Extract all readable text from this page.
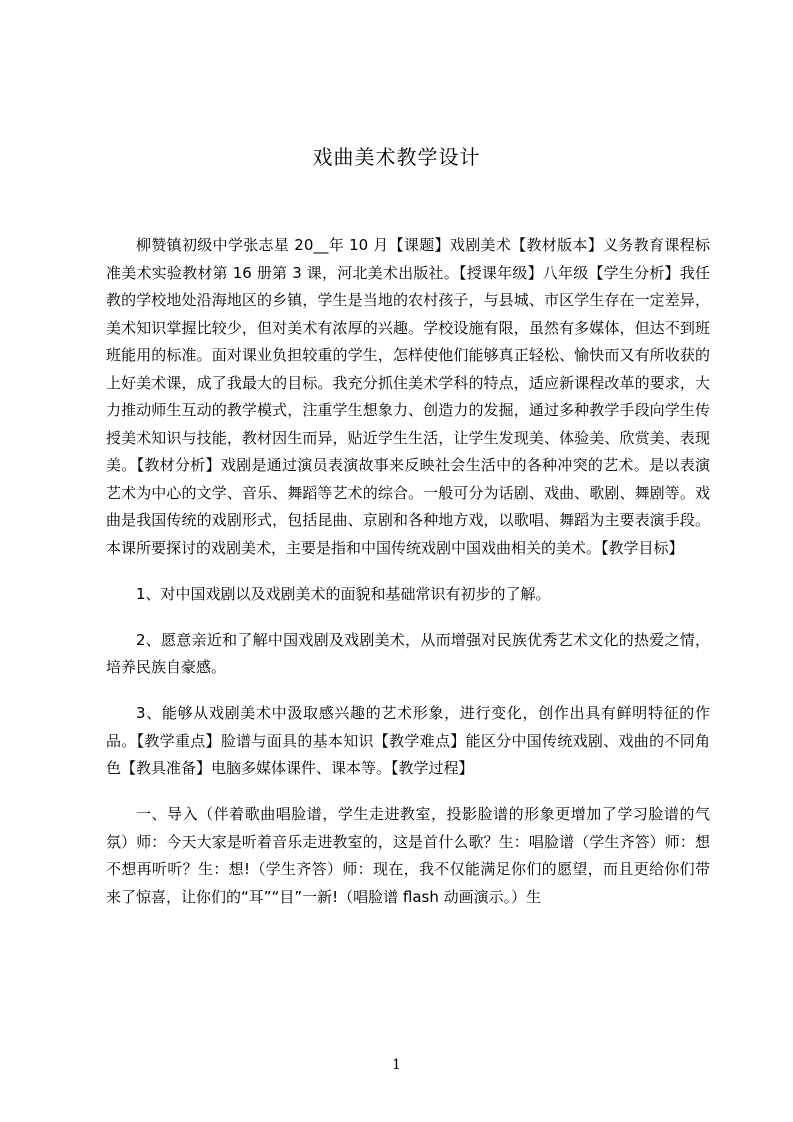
戏曲美术教学设计

柳赞镇初级中学张志星 20__年 10 月【课题】戏剧美术【教材版本】义务教育课程标准美术实验教材第 16 册第 3 课，河北美术出版社。【授课年级】八年级【学生分析】我任教的学校地处沿海地区的乡镇，学生是当地的农村孩子，与县城、市区学生存在一定差异，美术知识掌握比较少，但对美术有浓厚的兴趣。学校设施有限，虽然有多媒体，但达不到班班能用的标准。面对课业负担较重的学生，怎样使他们能够真正轻松、愉快而又有所收获的上好美术课，成了我最大的目标。我充分抓住美术学科的特点，适应新课程改革的要求，大力推动师生互动的教学模式，注重学生想象力、创造力的发掘，通过多种教学手段向学生传授美术知识与技能，教材因生而异，贴近学生生活，让学生发现美、体验美、欣赏美、表现美。【教材分析】戏剧是通过演员表演故事来反映社会生活中的各种冲突的艺术。是以表演艺术为中心的文学、音乐、舞蹈等艺术的综合。一般可分为话剧、戏曲、歌剧、舞剧等。戏曲是我国传统的戏剧形式，包括昆曲、京剧和各种地方戏，以歌唱、舞蹈为主要表演手段。本课所要探讨的戏剧美术，主要是指和中国传统戏剧中国戏曲相关的美术。【教学目标】

1、对中国戏剧以及戏剧美术的面貌和基础常识有初步的了解。

2、愿意亲近和了解中国戏剧及戏剧美术，从而增强对民族优秀艺术文化的热爱之情，培养民族自豪感。

3、能够从戏剧美术中汲取感兴趣的艺术形象，进行变化，创作出具有鲜明特征的作品。【教学重点】脸谱与面具的基本知识【教学难点】能区分中国传统戏剧、戏曲的不同角色【教具准备】电脑多媒体课件、课本等。【教学过程】

一、导入（伴着歌曲唱脸谱，学生走进教室，投影脸谱的形象更增加了学习脸谱的气氛）师：今天大家是听着音乐走进教室的，这是首什么歌？生：唱脸谱（学生齐答）师：想不想再听听？生：想!（学生齐答）师：现在，我不仅能满足你们的愿望，而且更给你们带来了惊喜，让你们的“耳”“目”一新!（唱脸谱 flash 动画演示。）生

1
